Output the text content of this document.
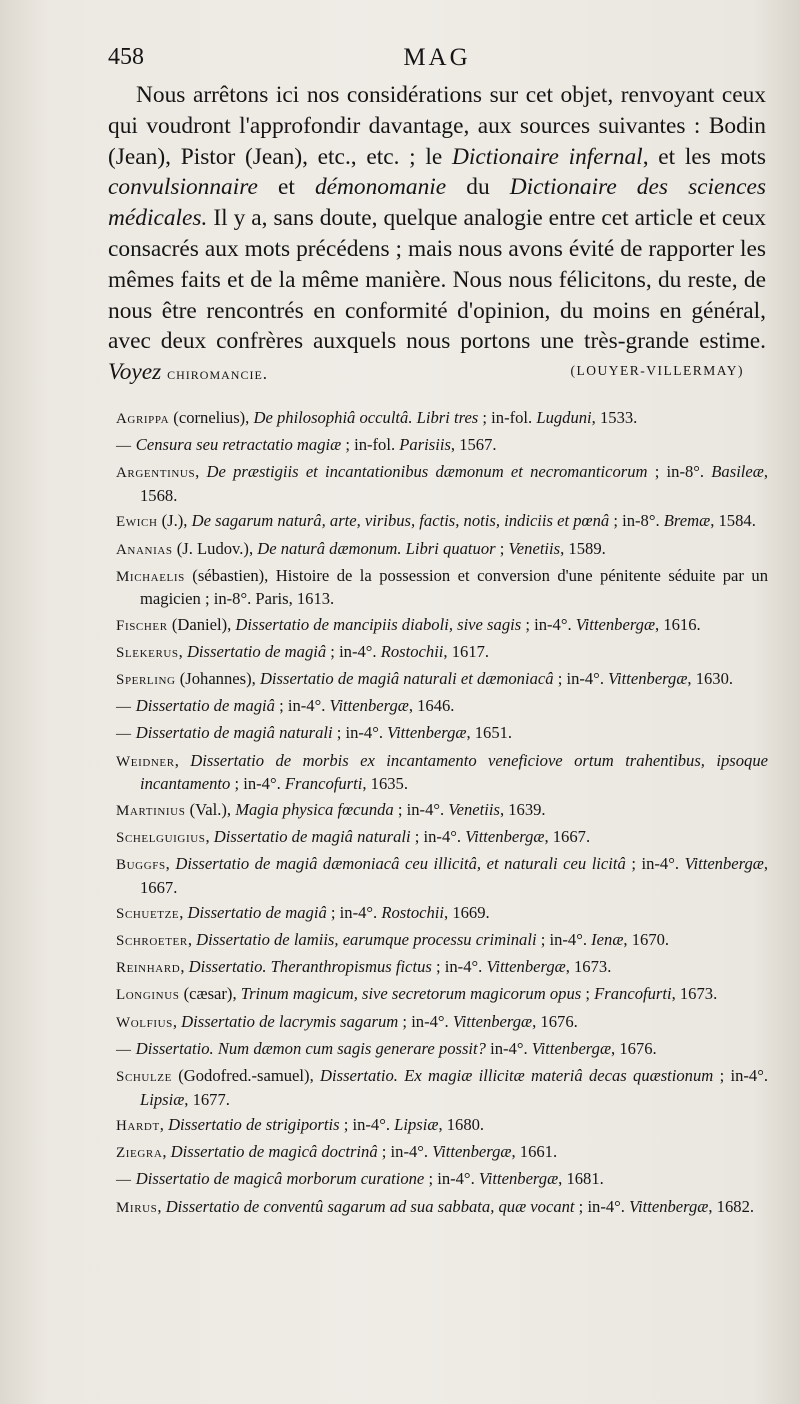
458	MAG

Nous arrêtons ici nos considérations sur cet objet, renvoyant ceux qui voudront l'approfondir davantage, aux sources suivantes : Bodin (Jean), Pistor (Jean), etc., etc. ; le Dictionaire infernal, et les mots convulsionnaire et démonomanie du Dictionaire des sciences médicales. Il y a, sans doute, quelque analogie entre cet article et ceux consacrés aux mots précédens ; mais nous avons évité de rapporter les mêmes faits et de la même manière. Nous nous félicitons, du reste, de nous être rencontrés en conformité d'opinion, du moins en général, avec deux confrères auxquels nous portons une très-grande estime. Voyez chiromancie.	(LOUYER-VILLERMAY)

Agrippa (cornelius), De philosophiâ occultâ. Libri tres ; in-fol. Lugduni, 1533.

— Censura seu retractatio magiæ ; in-fol. Parisiis, 1567.

Argentinus, De præstigiis et incantationibus dæmonum et necromanticorum ; in-8°. Basileæ, 1568.

Ewich (J.), De sagarum naturâ, arte, viribus, factis, notis, indiciis et pœnâ ; in-8°. Bremæ, 1584.

Ananias (J. Ludov.), De naturâ dæmonum. Libri quatuor ; Venetiis, 1589.

Michaelis (sébastien), Histoire de la possession et conversion d'une pénitente séduite par un magicien ; in-8°. Paris, 1613.

Fischer (Daniel), Dissertatio de mancipiis diaboli, sive sagis ; in-4°. Vittenbergæ, 1616.

Slekerus, Dissertatio de magiâ ; in-4°. Rostochii, 1617.

Sperling (Johannes), Dissertatio de magiâ naturali et dæmoniacâ ; in-4°. Vittenbergæ, 1630.

— Dissertatio de magiâ ; in-4°. Vittenbergæ, 1646.

— Dissertatio de magiâ naturali ; in-4°. Vittenbergæ, 1651.

Weidner, Dissertatio de morbis ex incantamento veneficiove ortum trahentibus, ipsoque incantamento ; in-4°. Francofurti, 1635.

Martinius (Val.), Magia physica fœcunda ; in-4°. Venetiis, 1639.

Schelguigius, Dissertatio de magiâ naturali ; in-4°. Vittenbergæ, 1667.

Buggfs, Dissertatio de magiâ dæmoniacâ ceu illicitâ, et naturali ceu licitâ ; in-4°. Vittenbergæ, 1667.

Schuetze, Dissertatio de magiâ ; in-4°. Rostochii, 1669.

Schroeter, Dissertatio de lamiis, earumque processu criminali ; in-4°. Ienæ, 1670.

Reinhard, Dissertatio. Theranthropismus fictus ; in-4°. Vittenbergæ, 1673.

Longinus (cæsar), Trinum magicum, sive secretorum magicorum opus ; Francofurti, 1673.

Wolfius, Dissertatio de lacrymis sagarum ; in-4°. Vittenbergæ, 1676.

— Dissertatio. Num dæmon cum sagis generare possit? in-4°. Vittenbergæ, 1676.

Schulze (Godofred.-samuel), Dissertatio. Ex magiæ illicitæ materiâ decas quæstionum ; in-4°. Lipsiæ, 1677.

Hardt, Dissertatio de strigiportis ; in-4°. Lipsiæ, 1680.

Ziegra, Dissertatio de magicâ doctrinâ ; in-4°. Vittenbergæ, 1661.

— Dissertatio de magicâ morborum curatione ; in-4°. Vittenbergæ, 1681.

Mirus, Dissertatio de conventû sagarum ad sua sabbata, quæ vocant ; in-4°. Vittenbergæ, 1682.
